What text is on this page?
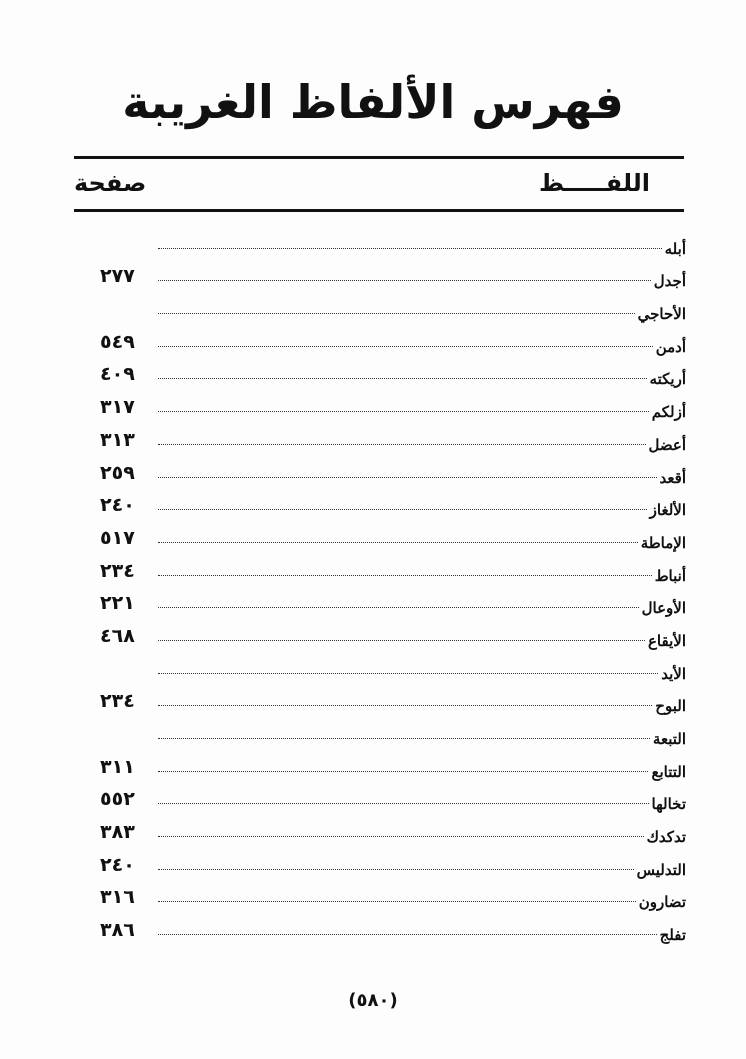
فهرس الألفاظ الغريبة
اللفـــــظ
صفحة
أبله
أجدل
٢٧٧
الأحاجي
أدمن
٥٤٩
أريكته
٤٠٩
أزلكم
٣١٧
أعضل
٣١٣
أقعد
٢٥٩
الألغاز
٢٤٠
الإماطة
٥١٧
أنباط
٢٣٤
الأوعال
٢٢١
الأيقاع
٤٦٨
الأيد
البوح
٢٣٤
التبعة
التتابع
٣١١
تخالها
٥٥٢
تدكدك
٣٨٣
التدليس
٢٤٠
تضارون
٣١٦
تفلج
٣٨٦
(٥٨٠)
